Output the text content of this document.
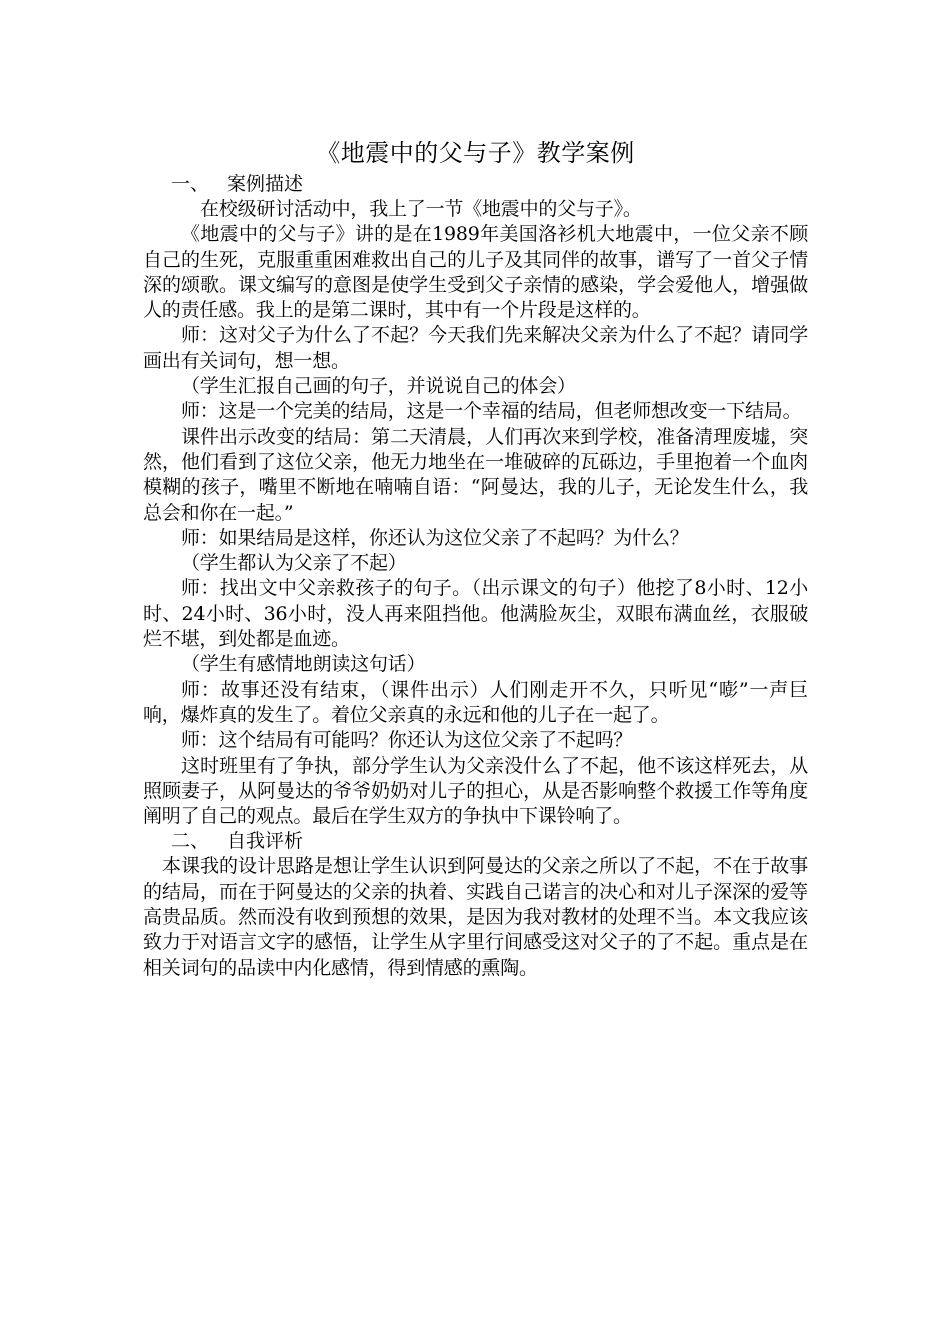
《地震中的父与子》教学案例
一、 案例描述

在校级研讨活动中，我上了一节《地震中的父与子》。

《地震中的父与子》讲的是在1989年美国洛衫机大地震中，一位父亲不顾自己的生死，克服重重困难救出自己的儿子及其同伴的故事，谱写了一首父子情深的颂歌。课文编写的意图是使学生受到父子亲情的感染，学会爱他人，增强做人的责任感。我上的是第二课时，其中有一个片段是这样的。

师：这对父子为什么了不起？今天我们先来解决父亲为什么了不起？请同学画出有关词句，想一想。

（学生汇报自己画的句子，并说说自己的体会）

师：这是一个完美的结局，这是一个幸福的结局，但老师想改变一下结局。

课件出示改变的结局：第二天清晨，人们再次来到学校，准备清理废墟，突然，他们看到了这位父亲，他无力地坐在一堆破碎的瓦砾边，手里抱着一个血肉模糊的孩子，嘴里不断地在喃喃自语：“阿曼达，我的儿子，无论发生什么，我总会和你在一起。”

师：如果结局是这样，你还认为这位父亲了不起吗？为什么？

（学生都认为父亲了不起）

师：找出文中父亲救孩子的句子。（出示课文的句子）他挖了8小时、12小时、24小时、36小时，没人再来阻挡他。他满脸灰尘，双眼布满血丝，衣服破烂不堪，到处都是血迹。

（学生有感情地朗读这句话）

师：故事还没有结束，（课件出示）人们刚走开不久，只听见“嘭”一声巨响，爆炸真的发生了。着位父亲真的永远和他的儿子在一起了。

师：这个结局有可能吗？你还认为这位父亲了不起吗？

这时班里有了争执，部分学生认为父亲没什么了不起，他不该这样死去，从照顾妻子，从阿曼达的爷爷奶奶对儿子的担心，从是否影响整个救援工作等角度阐明了自己的观点。最后在学生双方的争执中下课铃响了。

二、 自我评析

本课我的设计思路是想让学生认识到阿曼达的父亲之所以了不起，不在于故事的结局，而在于阿曼达的父亲的执着、实践自己诺言的决心和对儿子深深的爱等高贵品质。然而没有收到预想的效果，是因为我对教材的处理不当。本文我应该致力于对语言文字的感悟，让学生从字里行间感受这对父子的了不起。重点是在相关词句的品读中内化感情，得到情感的熏陶。
